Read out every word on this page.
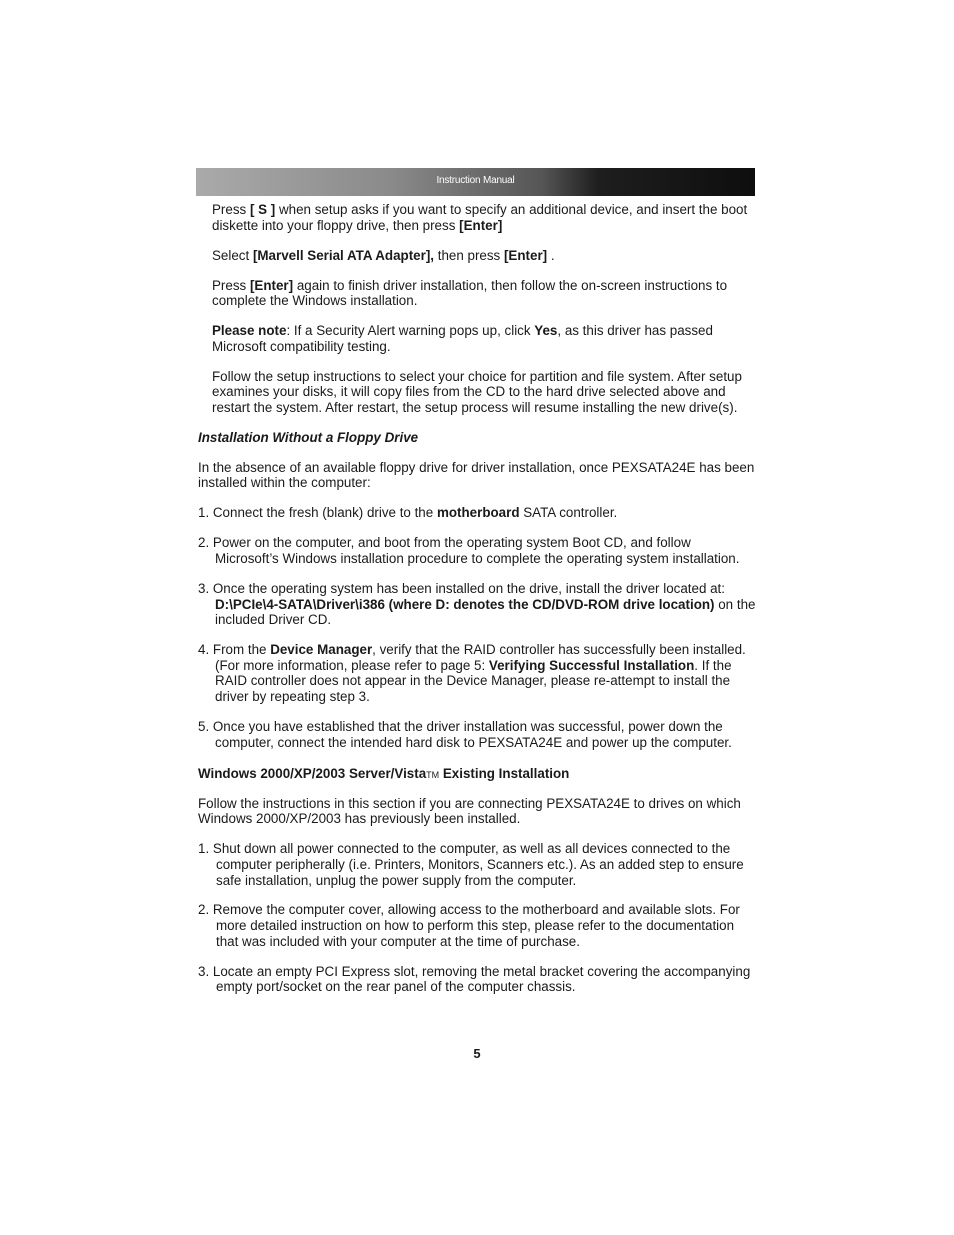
Instruction Manual

Press [ S ] when setup asks if you want to specify an additional device, and insert the boot diskette into your floppy drive, then press [Enter]

Select [Marvell Serial ATA Adapter], then press [Enter] .

Press [Enter] again to finish driver installation, then follow the on-screen instructions to complete the Windows installation.

Please note: If a Security Alert warning pops up, click Yes, as this driver has passed Microsoft compatibility testing.

Follow the setup instructions to select your choice for partition and file system. After setup examines your disks, it will copy files from the CD to the hard drive selected above and restart the system. After restart, the setup process will resume installing the new drive(s).

Installation Without a Floppy Drive

In the absence of an available floppy drive for driver installation, once PEXSATA24E has been installed within the computer:

1. Connect the fresh (blank) drive to the motherboard SATA controller.

2. Power on the computer, and boot from the operating system Boot CD, and follow Microsoft’s Windows installation procedure to complete the operating system installation.

3. Once the operating system has been installed on the drive, install the driver located at: D:\PCIe\4-SATA\Driver\i386 (where D: denotes the CD/DVD-ROM drive location) on the included Driver CD.

4. From the Device Manager, verify that the RAID controller has successfully been installed. (For more information, please refer to page 5: Verifying Successful Installation. If the RAID controller does not appear in the Device Manager, please re-attempt to install the driver by repeating step 3.

5. Once you have established that the driver installation was successful, power down the computer, connect the intended hard disk to PEXSATA24E and power up the computer.

Windows 2000/XP/2003 Server/VistaTM Existing Installation

Follow the instructions in this section if you are connecting PEXSATA24E to drives on which Windows 2000/XP/2003 has previously been installed.

1. Shut down all power connected to the computer, as well as all devices connected to the computer peripherally (i.e. Printers, Monitors, Scanners etc.). As an added step to ensure safe installation, unplug the power supply from the computer.

2. Remove the computer cover, allowing access to the motherboard and available slots. For more detailed instruction on how to perform this step, please refer to the documentation that was included with your computer at the time of purchase.

3. Locate an empty PCI Express slot, removing the metal bracket covering the accompanying empty port/socket on the rear panel of the computer chassis.

5
